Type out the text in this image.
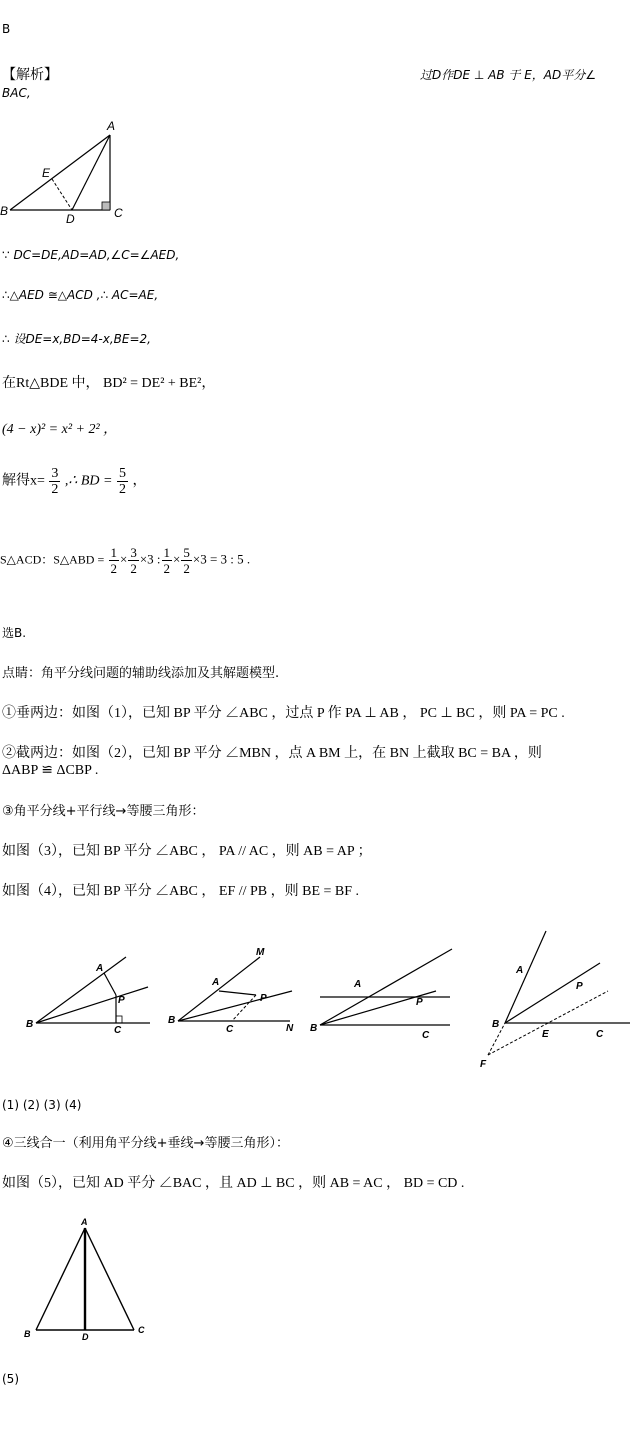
B
【解析】	过D作DE ⊥ AB 于 E，AD平分∠
BAC,
A
B	C
D
E
∵ DC=DE,AD=AD,∠C=∠AED,
∴△AED ≅△ACD ,∴ AC=AE,
∴ 设DE=x,BD=4-x,BE=2,
在Rt△BDE 中， BD² = DE² + BE²，
(4 − x)² = x² + 2² ，
解得$x= \frac{3}{2}$ ,∴ BD = $\frac{5}{2}$ ，
S△ACD：S△ABD = $\frac{1}{2} \times \frac{3}{2} \times 3$ : $\frac{1}{2} \times \frac{5}{2} \times 3 = 3$ : 5 .
选B.
点睛：角平分线问题的辅助线添加及其解题模型.
①垂两边：如图（1），已知 BP 平分 ∠ABC ，过点 P 作 PA ⊥ AB ， PC ⊥ BC ，则 PA = PC .
②截两边：如图（2），已知 BP 平分 ∠MBN ，点 A BM 上，在 BN 上截取 BC = BA ，则
ΔABP ≌ ΔCBP .
③角平分线+平行线→等腰三角形：
如图（3），已知 BP 平分 ∠ABC ， PA // AC ，则 AB = AP ；
如图（4），已知 BP 平分 ∠ABC ， EF // PB ，则 BE = BF .
A
B
C
P
A
B
C
M
N
P
A
B
C
P
A
B
C
E
F
P
(1) (2) (3) (4)
④三线合一（利用角平分线+垂线→等腰三角形）：
如图（5），已知 AD 平分 ∠BAC ，且 AD ⊥ BC ，则 AB = AC ， BD = CD .
A
B	C
D
(5)
